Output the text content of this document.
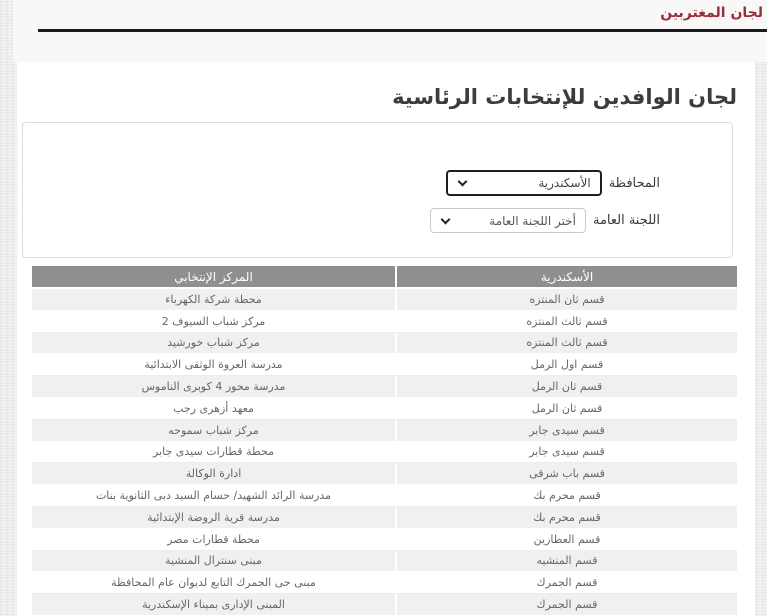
لجان المغتربين
لجان الوافدين للإنتخابات الرئاسية
المحافظة
الأسكندرية
اللجنة العامة
أختر اللجنة العامة
الأسكندرية
المركز الإنتخابي
قسم ثان المنتزه
محطة شركة الكهرباء
قسم ثالث المنتزه
مركز شباب السيوف 2
قسم ثالث المنتزه
مركز شباب خورشيد
قسم اول الرمل
مدرسة العروة الوثقى الابتدائية
قسم ثان الرمل
مدرسة محور 4 كوبرى الناموس
قسم ثان الرمل
معهد أزهرى رجب
قسم سيدى جابر
مركز شباب سموحه
قسم سيدى جابر
محطة قطارات سيدى جابر
قسم باب شرقى
ادارة الوكالة
قسم محرم بك
مدرسة الرائد الشهيد/ حسام السيد دبى الثانوية بنات
قسم محرم بك
مدرسة قرية الروضة الإبتدائية
قسم العطارين
محطة قطارات مصر
قسم المنشيه
مبنى سنترال المنشية
قسم الجمرك
مبنى حى الجمرك التابع لديوان عام المحافظة
قسم الجمرك
المبنى الإدارى بميناء الإسكندرية
